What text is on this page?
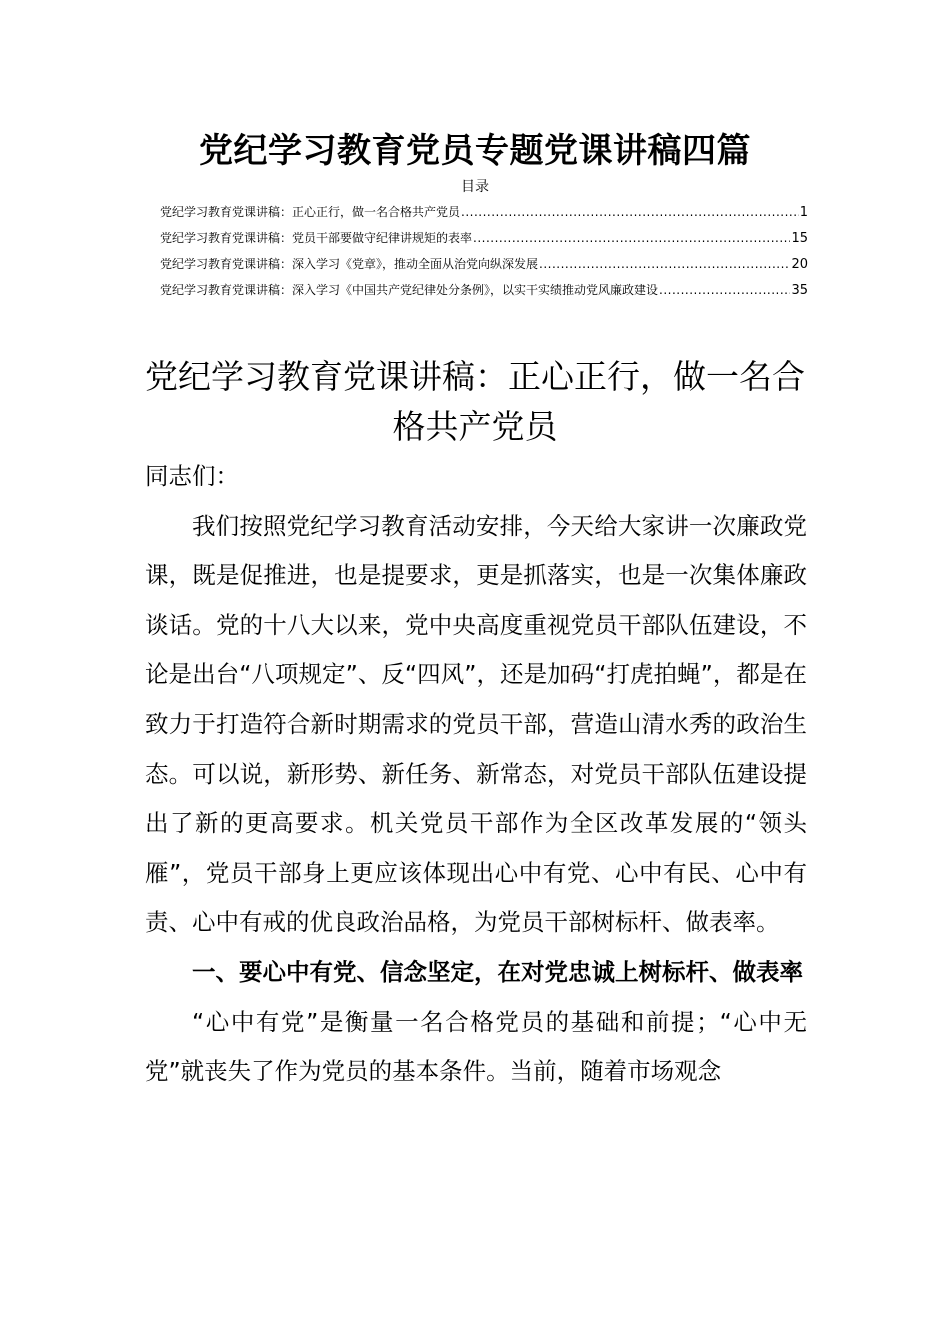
党纪学习教育党员专题党课讲稿四篇
目录
党纪学习教育党课讲稿：正心正行，做一名合格共产党员 .....	1
党纪学习教育党课讲稿：党员干部要做守纪律讲规矩的表率 .....	15
党纪学习教育党课讲稿：深入学习《党章》，推动全面从治党向纵深发展 .....	20
党纪学习教育党课讲稿：深入学习《中国共产党纪律处分条例》，以实干实绩推动党风廉政建设 .....	35
党纪学习教育党课讲稿：正心正行，做一名合格共产党员

同志们：

我们按照党纪学习教育活动安排，今天给大家讲一次廉政党课，既是促推进，也是提要求，更是抓落实，也是一次集体廉政谈话。党的十八大以来，党中央高度重视党员干部队伍建设，不论是出台“八项规定”、反“四风”，还是加码“打虎拍蝇”，都是在致力于打造符合新时期需求的党员干部，营造山清水秀的政治生态。可以说，新形势、新任务、新常态，对党员干部队伍建设提出了新的更高要求。机关党员干部作为全区改革发展的“领头雁”，党员干部身上更应该体现出心中有党、心中有民、心中有责、心中有戒的优良政治品格，为党员干部树标杆、做表率。

一、要心中有党、信念坚定，在对党忠诚上树标杆、做表率

“心中有党”是衡量一名合格党员的基础和前提；“心中无党”就丧失了作为党员的基本条件。当前，随着市场观念
